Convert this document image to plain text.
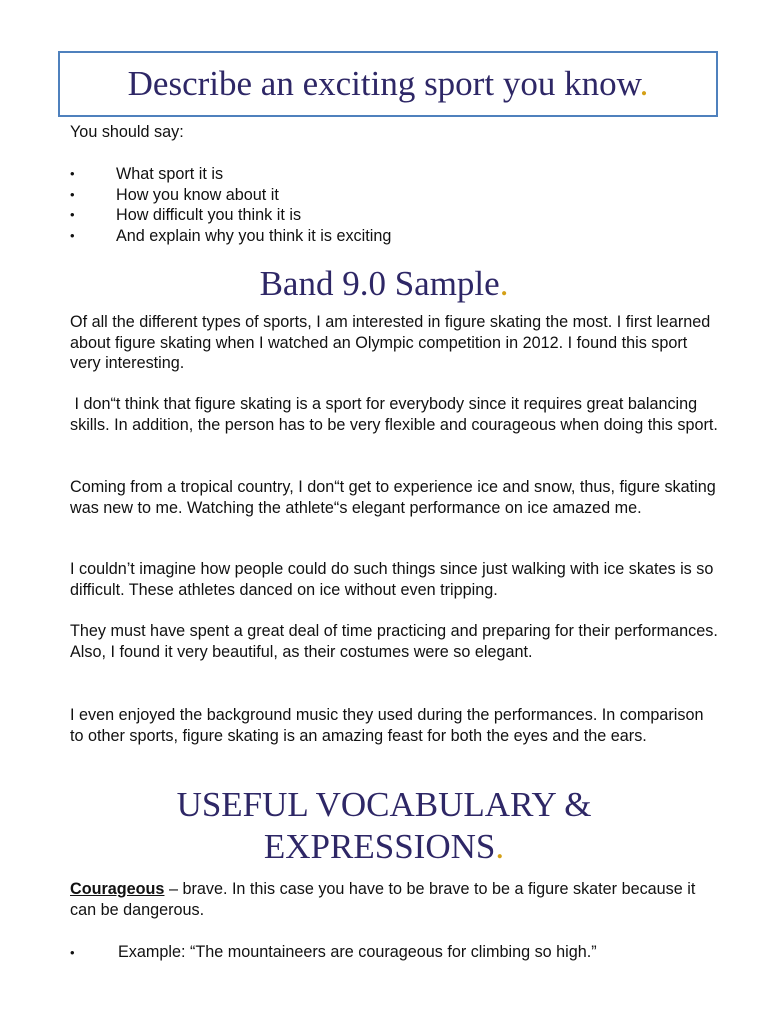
Describe an exciting sport you know.
You should say:
•	What sport it is
•	How you know about it
•	How difficult you think it is
•	And explain why you think it is exciting
Band 9.0 Sample.

Of all the different types of sports, I am interested in figure skating the most. I first learned about figure skating when I watched an Olympic competition in 2012. I found this sport very interesting.

I don“t think that figure skating is a sport for everybody since it requires great balancing skills. In addition, the person has to be very flexible and courageous when doing this sport.

Coming from a tropical country, I don“t get to experience ice and snow, thus, figure skating was new to me. Watching the athlete“s elegant performance on ice amazed me.

I couldn’t imagine how people could do such things since just walking with ice skates is so difficult. These athletes danced on ice without even tripping.

They must have spent a great deal of time practicing and preparing for their performances. Also, I found it very beautiful, as their costumes were so elegant.

I even enjoyed the background music they used during the performances. In comparison to other sports, figure skating is an amazing feast for both the eyes and the ears.

USEFUL VOCABULARY &
EXPRESSIONS.

Courageous – brave. In this case you have to be brave to be a figure skater because it can be dangerous.

•	Example: “The mountaineers are courageous for climbing so high.”
